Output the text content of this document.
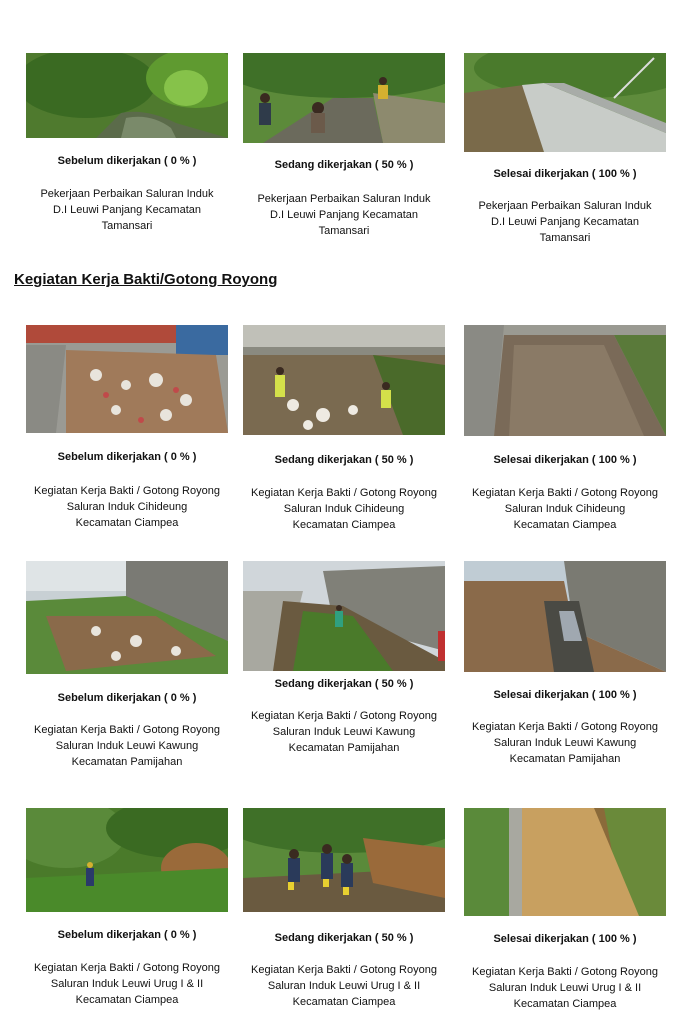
Kegiatan Kerja Bakti/Gotong Royong
Sebelum dikerjakan ( 0 % )
Pekerjaan Perbaikan Saluran Induk
D.I Leuwi Panjang Kecamatan
Tamansari
Sedang dikerjakan ( 50 % )
Pekerjaan Perbaikan Saluran Induk
D.I Leuwi Panjang Kecamatan
Tamansari
Selesai dikerjakan ( 100 % )
Pekerjaan Perbaikan Saluran Induk
D.I Leuwi Panjang Kecamatan
Tamansari
Sebelum dikerjakan ( 0 % )
Kegiatan Kerja Bakti / Gotong Royong
Saluran Induk Cihideung
Kecamatan Ciampea
Sedang dikerjakan ( 50 % )
Kegiatan Kerja Bakti / Gotong Royong
Saluran Induk Cihideung
Kecamatan Ciampea
Selesai dikerjakan ( 100 % )
Kegiatan Kerja Bakti / Gotong Royong
Saluran Induk Cihideung
Kecamatan Ciampea
Sebelum dikerjakan ( 0 % )
Kegiatan Kerja Bakti / Gotong Royong
Saluran Induk Leuwi Kawung
Kecamatan Pamijahan
Sedang dikerjakan ( 50 % )
Kegiatan Kerja Bakti / Gotong Royong
Saluran Induk Leuwi Kawung
Kecamatan Pamijahan
Selesai dikerjakan ( 100 % )
Kegiatan Kerja Bakti / Gotong Royong
Saluran Induk Leuwi Kawung
Kecamatan Pamijahan
Sebelum dikerjakan ( 0 % )
Kegiatan Kerja Bakti / Gotong Royong
Saluran Induk Leuwi Urug I & II
Kecamatan Ciampea
Sedang dikerjakan ( 50 % )
Kegiatan Kerja Bakti / Gotong Royong
Saluran Induk Leuwi Urug I & II
Kecamatan Ciampea
Selesai dikerjakan ( 100 % )
Kegiatan Kerja Bakti / Gotong Royong
Saluran Induk Leuwi Urug I & II
Kecamatan Ciampea
